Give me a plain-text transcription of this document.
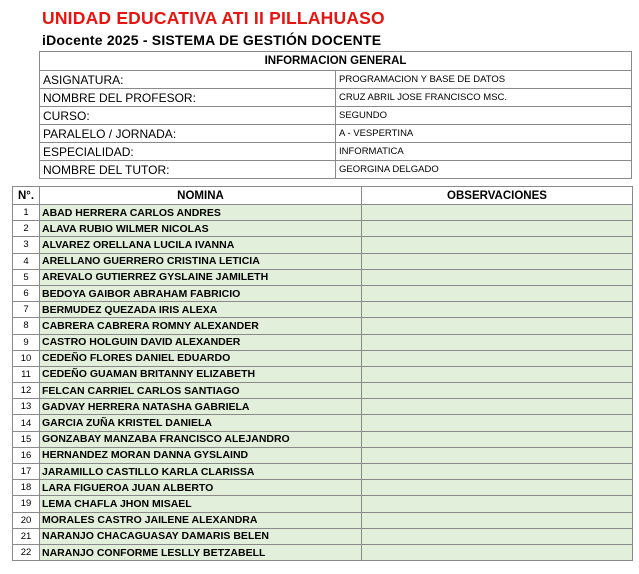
UNIDAD EDUCATIVA ATI II PILLAHUASO
iDocente 2025 - SISTEMA DE GESTIÓN DOCENTE
INFORMACION GENERAL	
ASIGNATURA:	PROGRAMACION Y BASE DE DATOS
NOMBRE DEL PROFESOR:	CRUZ ABRIL JOSE FRANCISCO MSC.
CURSO:	SEGUNDO
PARALELO / JORNADA:	A - VESPERTINA
ESPECIALIDAD:	INFORMATICA
NOMBRE DEL TUTOR:	GEORGINA DELGADO
N°.	NOMINA	OBSERVACIONES
1	ABAD HERRERA CARLOS ANDRES	
2	ALAVA RUBIO WILMER NICOLAS	
3	ALVAREZ ORELLANA LUCILA IVANNA	
4	ARELLANO GUERRERO CRISTINA LETICIA	
5	AREVALO GUTIERREZ GYSLAINE JAMILETH	
6	BEDOYA GAIBOR ABRAHAM FABRICIO	
7	BERMUDEZ QUEZADA IRIS ALEXA	
8	CABRERA CABRERA ROMNY ALEXANDER	
9	CASTRO HOLGUIN DAVID ALEXANDER	
10	CEDEÑO FLORES DANIEL EDUARDO	
11	CEDEÑO GUAMAN BRITANNY ELIZABETH	
12	FELCAN CARRIEL CARLOS SANTIAGO	
13	GADVAY HERRERA NATASHA GABRIELA	
14	GARCIA ZUÑA KRISTEL DANIELA	
15	GONZABAY MANZABA FRANCISCO ALEJANDRO	
16	HERNANDEZ MORAN DANNA GYSLAIND	
17	JARAMILLO CASTILLO KARLA CLARISSA	
18	LARA FIGUEROA JUAN ALBERTO	
19	LEMA CHAFLA JHON MISAEL	
20	MORALES CASTRO JAILENE ALEXANDRA	
21	NARANJO CHACAGUASAY DAMARIS BELEN	
22	NARANJO CONFORME LESLLY BETZABELL	
